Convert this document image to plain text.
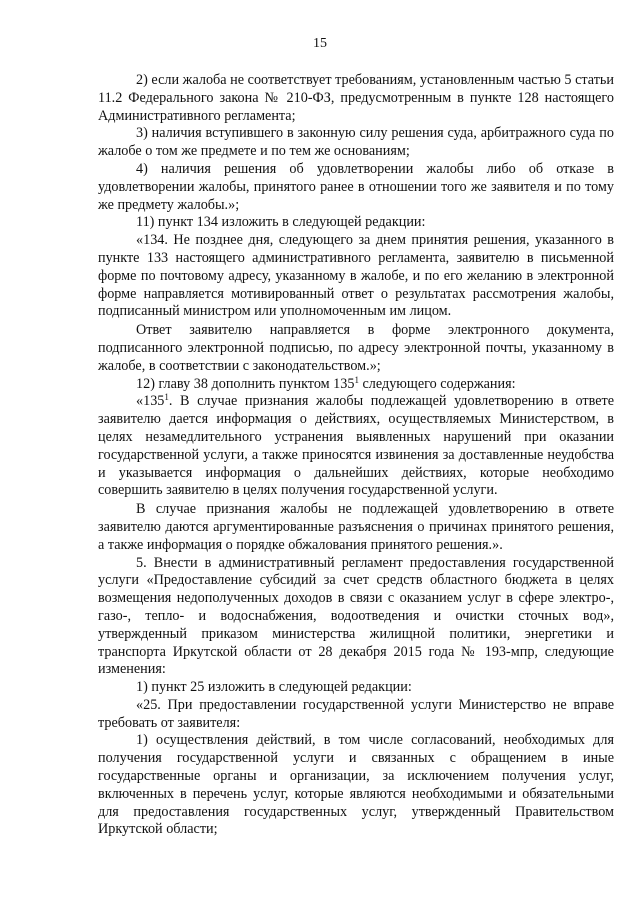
15

2) если жалоба не соответствует требованиям, установленным частью 5 статьи 11.2 Федерального закона № 210-ФЗ, предусмотренным в пункте 128 настоящего Административного регламента;

3) наличия вступившего в законную силу решения суда, арбитражного суда по жалобе о том же предмете и по тем же основаниям;

4) наличия решения об удовлетворении жалобы либо об отказе в удовлетворении жалобы, принятого ранее в отношении того же заявителя и по тому же предмету жалобы.»;

11) пункт 134 изложить в следующей редакции:

«134. Не позднее дня, следующего за днем принятия решения, указанного в пункте 133 настоящего административного регламента, заявителю в письменной форме по почтовому адресу, указанному в жалобе, и по его желанию в электронной форме направляется мотивированный ответ о результатах рассмотрения жалобы, подписанный министром или уполномоченным им лицом.

Ответ заявителю направляется в форме электронного документа, подписанного электронной подписью, по адресу электронной почты, указанному в жалобе, в соответствии с законодательством.»;

12) главу 38 дополнить пунктом $135^1$ следующего содержания:

«$135^1$. В случае признания жалобы подлежащей удовлетворению в ответе заявителю дается информация о действиях, осуществляемых Министерством, в целях незамедлительного устранения выявленных нарушений при оказании государственной услуги, а также приносятся извинения за доставленные неудобства и указывается информация о дальнейших действиях, которые необходимо совершить заявителю в целях получения государственной услуги.

В случае признания жалобы не подлежащей удовлетворению в ответе заявителю даются аргументированные разъяснения о причинах принятого решения, а также информация о порядке обжалования принятого решения.».

5. Внести в административный регламент предоставления государственной услуги «Предоставление субсидий за счет средств областного бюджета в целях возмещения недополученных доходов в связи с оказанием услуг в сфере электро-, газо-, тепло- и водоснабжения, водоотведения и очистки сточных вод», утвержденный приказом министерства жилищной политики, энергетики и транспорта Иркутской области от 28 декабря 2015 года № 193-мпр, следующие изменения:

1) пункт 25 изложить в следующей редакции:

«25. При предоставлении государственной услуги Министерство не вправе требовать от заявителя:

1) осуществления действий, в том числе согласований, необходимых для получения государственной услуги и связанных с обращением в иные государственные органы и организации, за исключением получения услуг, включенных в перечень услуг, которые являются необходимыми и обязательными для предоставления государственных услуг, утвержденный Правительством Иркутской области;
